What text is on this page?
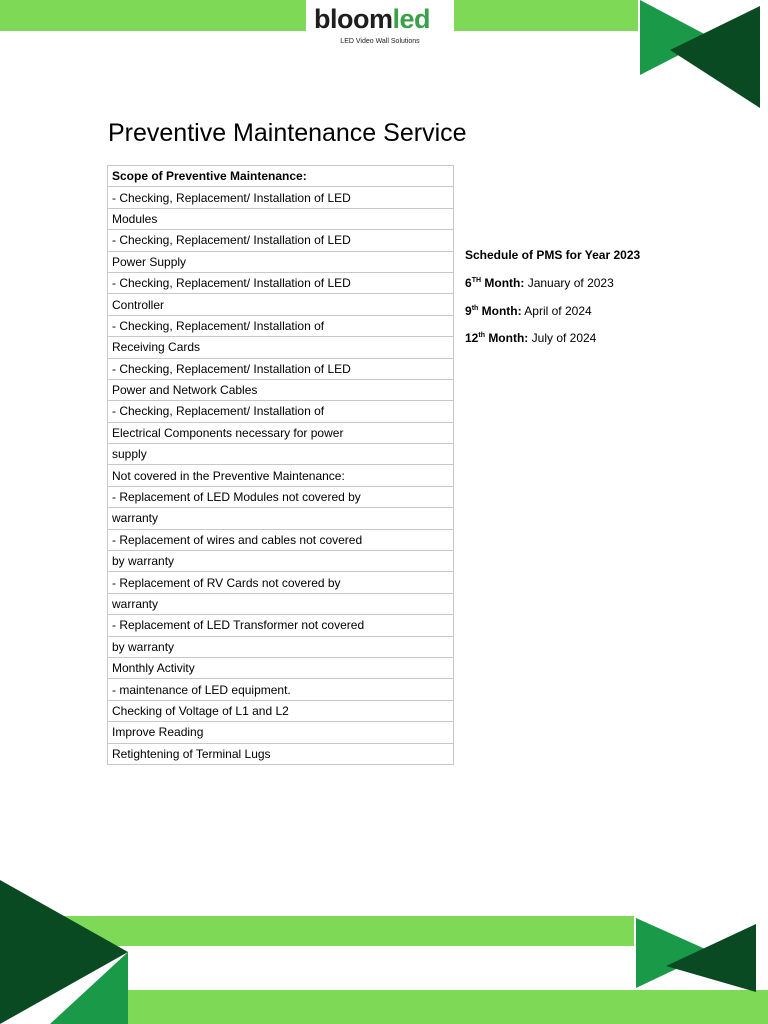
bloomled
LED Video Wall Solutions
Preventive Maintenance Service
Scope of Preventive Maintenance:
- Checking, Replacement/ Installation of LED
Modules
- Checking, Replacement/ Installation of LED
Power Supply
- Checking, Replacement/ Installation of LED
Controller
- Checking, Replacement/ Installation of
Receiving Cards
- Checking, Replacement/ Installation of LED
Power and Network Cables
- Checking, Replacement/ Installation of
Electrical Components necessary for power
supply
Not covered in the Preventive Maintenance:
- Replacement of LED Modules not covered by
warranty
- Replacement of wires and cables not covered
by warranty
- Replacement of RV Cards not covered by
warranty
- Replacement of LED Transformer not covered
by warranty
Monthly Activity
- maintenance of LED equipment.
Checking of Voltage of L1 and L2
Improve Reading
Retightening of Terminal Lugs
Schedule of PMS for Year 2023
6TH Month: January of 2023
9th Month: April of 2024
12th Month: July of 2024
